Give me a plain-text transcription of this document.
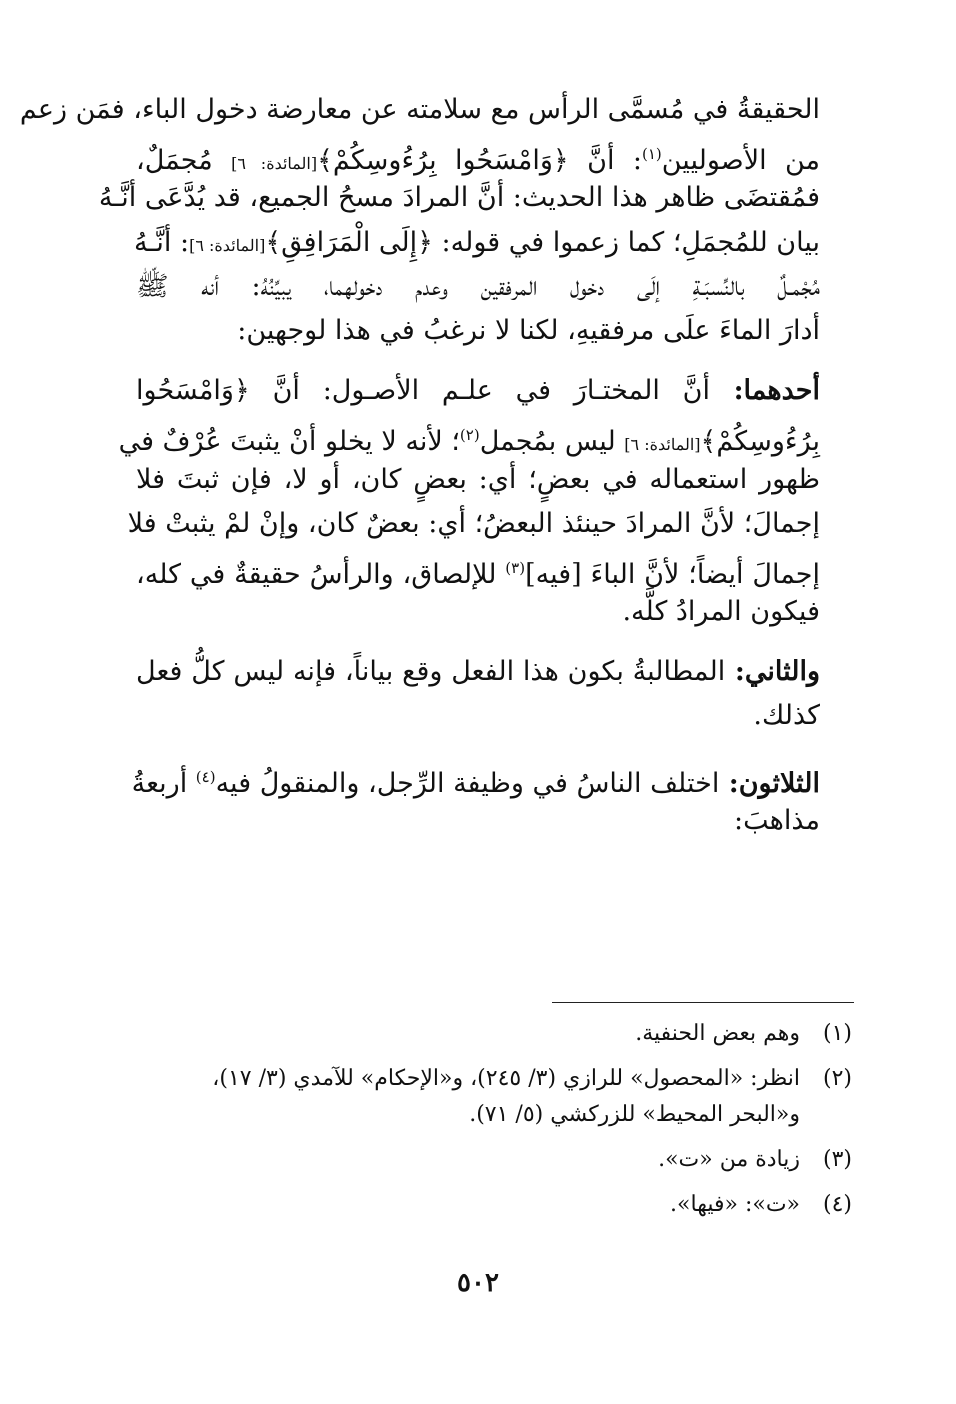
الحقيقةُ في مُسمَّى الرأس مع سلامته عن معارضة دخول الباء، فمَن زعم
من الأصوليين$^{(١)}$: أنَّ ﴿وَامْسَحُوا بِرُءُوسِكُمْ﴾[المائدة: ٦] مُجمَلٌ،
فمُقتضَى ظاهر هذا الحديث: أنَّ المرادَ مسحُ الجميع، قد يُدَّعَى أنَّـهُ
بيان للمُجمَلِ؛ كما زعموا في قوله: ﴿إِلَى الْمَرَافِقِ﴾[المائدة: ٦]: أنَّـهُ
مُجْمـلٌ بالنِّسبَـةِ إلَى دخول المرفقين وعدم دخولهما، يبيِّنُهُ: أنه ﷺ
أدارَ الماءَ علَى مرفقيهِ، لكنا لا نرغبُ في هذا لوجهين:
أحدهما: أنَّ المختـارَ في علـم الأصـول: أنَّ ﴿وَامْسَحُوا
بِرُءُوسِكُمْ﴾[المائدة: ٦] ليس بمُجمل$^{(٢)}$؛ لأنه لا يخلو أنْ يثبتَ عُرْفٌ في
ظهور استعماله في بعضٍ؛ أي: بعضٍ كان، أو لا، فإن ثبتَ فلا
إجمالَ؛ لأنَّ المرادَ حينئذ البعضُ؛ أي: بعضٌ كان، وإنْ لمْ يثبتْ فلا
إجمالَ أيضاً؛ لأنَّ الباءَ [فيه]$^{(٣)}$ للإلصاق، والرأسُ حقيقةٌ في كله،
فيكون المرادُ كلَّه.
والثاني: المطالبةُ بكون هذا الفعل وقع بياناً، فإنه ليس كلُّ فعل
كذلك.
الثلاثون: اختلف الناسُ في وظيفة الرِّجل، والمنقولُ فيه$^{(٤)}$ أربعةُ
مذاهبَ:
(١)
وهم بعض الحنفية.
(٢)
انظر: «المحصول» للرازي (٣/ ٢٤٥)، و«الإحكام» للآمدي (٣/ ١٧)،
و«البحر المحيط» للزركشي (٥/ ٧١).
(٣)
زيادة من «ت».
(٤)
«ت»: «فيها».
٥٠٢
